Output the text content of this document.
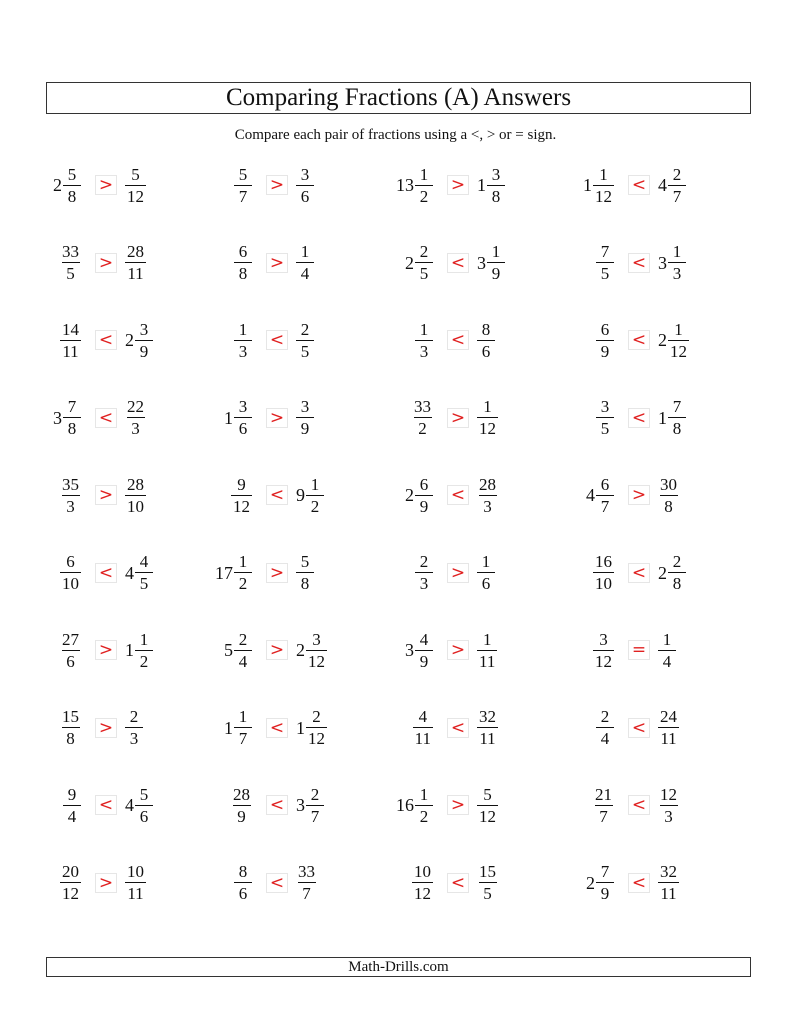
Comparing Fractions (A) Answers
Compare each pair of fractions using a <, > or = sign.
$2 \frac{5}{8} > \frac{5}{12}$	$\frac{5}{7} > \frac{3}{6}$	$13 \frac{1}{2} > 1 \frac{3}{8}$	$1 \frac{1}{12} < 4 \frac{2}{7}$
$\frac{33}{5} > \frac{28}{11}$	$\frac{6}{8} > \frac{1}{4}$	$2 \frac{2}{5} < 3 \frac{1}{9}$	$\frac{7}{5} < 3 \frac{1}{3}$
$\frac{14}{11} < 2 \frac{3}{9}$	$\frac{1}{3} < \frac{2}{5}$	$\frac{1}{3} < \frac{8}{6}$	$\frac{6}{9} < 2 \frac{1}{12}$
$3 \frac{7}{8} < \frac{22}{3}$	$1 \frac{3}{6} > \frac{3}{9}$	$\frac{33}{2} > \frac{1}{12}$	$\frac{3}{5} < 1 \frac{7}{8}$
$\frac{35}{3} > \frac{28}{10}$	$\frac{9}{12} < 9 \frac{1}{2}$	$2 \frac{6}{9} < \frac{28}{3}$	$4 \frac{6}{7} > \frac{30}{8}$
$\frac{6}{10} < 4 \frac{4}{5}$	$17 \frac{1}{2} > \frac{5}{8}$	$\frac{2}{3} > \frac{1}{6}$	$\frac{16}{10} < 2 \frac{2}{8}$
$\frac{27}{6} > 1 \frac{1}{2}$	$5 \frac{2}{4} > 2 \frac{3}{12}$	$3 \frac{4}{9} > \frac{1}{11}$	$\frac{3}{12} = \frac{1}{4}$
$\frac{15}{8} > \frac{2}{3}$	$1 \frac{1}{7} < 1 \frac{2}{12}$	$\frac{4}{11} < \frac{32}{11}$	$\frac{2}{4} < \frac{24}{11}$
$\frac{9}{4} < 4 \frac{5}{6}$	$\frac{28}{9} < 3 \frac{2}{7}$	$16 \frac{1}{2} > \frac{5}{12}$	$\frac{21}{7} < \frac{12}{3}$
$\frac{20}{12} > \frac{10}{11}$	$\frac{8}{6} < \frac{33}{7}$	$\frac{10}{12} < \frac{15}{5}$	$2 \frac{7}{9} < \frac{32}{11}$
Math-Drills.com
